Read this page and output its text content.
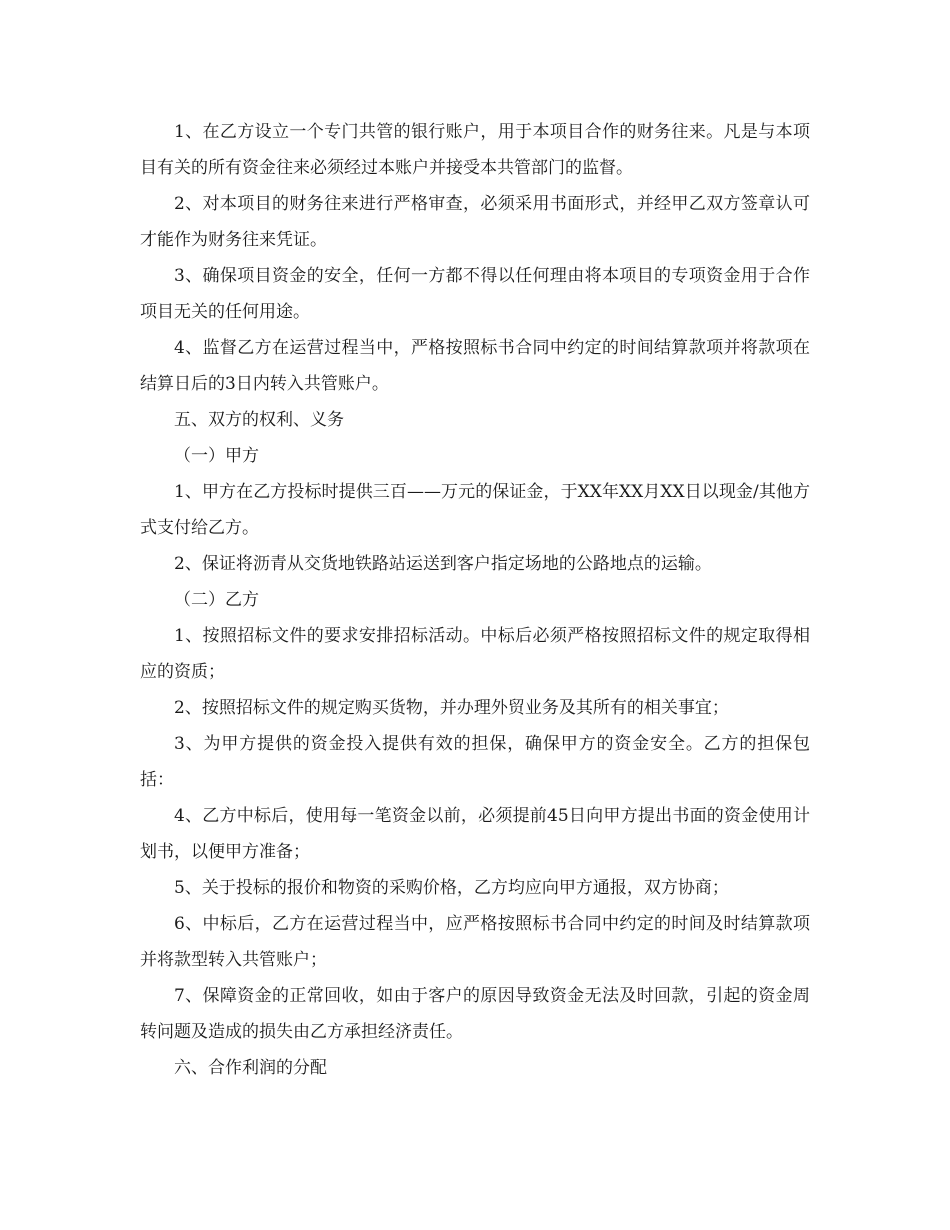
1、在乙方设立一个专门共管的银行账户，用于本项目合作的财务往来。凡是与本项目有关的所有资金往来必须经过本账户并接受本共管部门的监督。

2、对本项目的财务往来进行严格审查，必须采用书面形式，并经甲乙双方签章认可才能作为财务往来凭证。

3、确保项目资金的安全，任何一方都不得以任何理由将本项目的专项资金用于合作项目无关的任何用途。

4、监督乙方在运营过程当中，严格按照标书合同中约定的时间结算款项并将款项在结算日后的3日内转入共管账户。

五、双方的权利、义务

（一）甲方

1、甲方在乙方投标时提供三百——万元的保证金，于XX年XX月XX日以现金/其他方式支付给乙方。

2、保证将沥青从交货地铁路站运送到客户指定场地的公路地点的运输。

（二）乙方

1、按照招标文件的要求安排招标活动。中标后必须严格按照招标文件的规定取得相应的资质；

2、按照招标文件的规定购买货物，并办理外贸业务及其所有的相关事宜；

3、为甲方提供的资金投入提供有效的担保，确保甲方的资金安全。乙方的担保包括：

4、乙方中标后，使用每一笔资金以前，必须提前45日向甲方提出书面的资金使用计划书，以便甲方准备；

5、关于投标的报价和物资的采购价格，乙方均应向甲方通报，双方协商；

6、中标后，乙方在运营过程当中，应严格按照标书合同中约定的时间及时结算款项并将款型转入共管账户；

7、保障资金的正常回收，如由于客户的原因导致资金无法及时回款，引起的资金周转问题及造成的损失由乙方承担经济责任。

六、合作利润的分配
